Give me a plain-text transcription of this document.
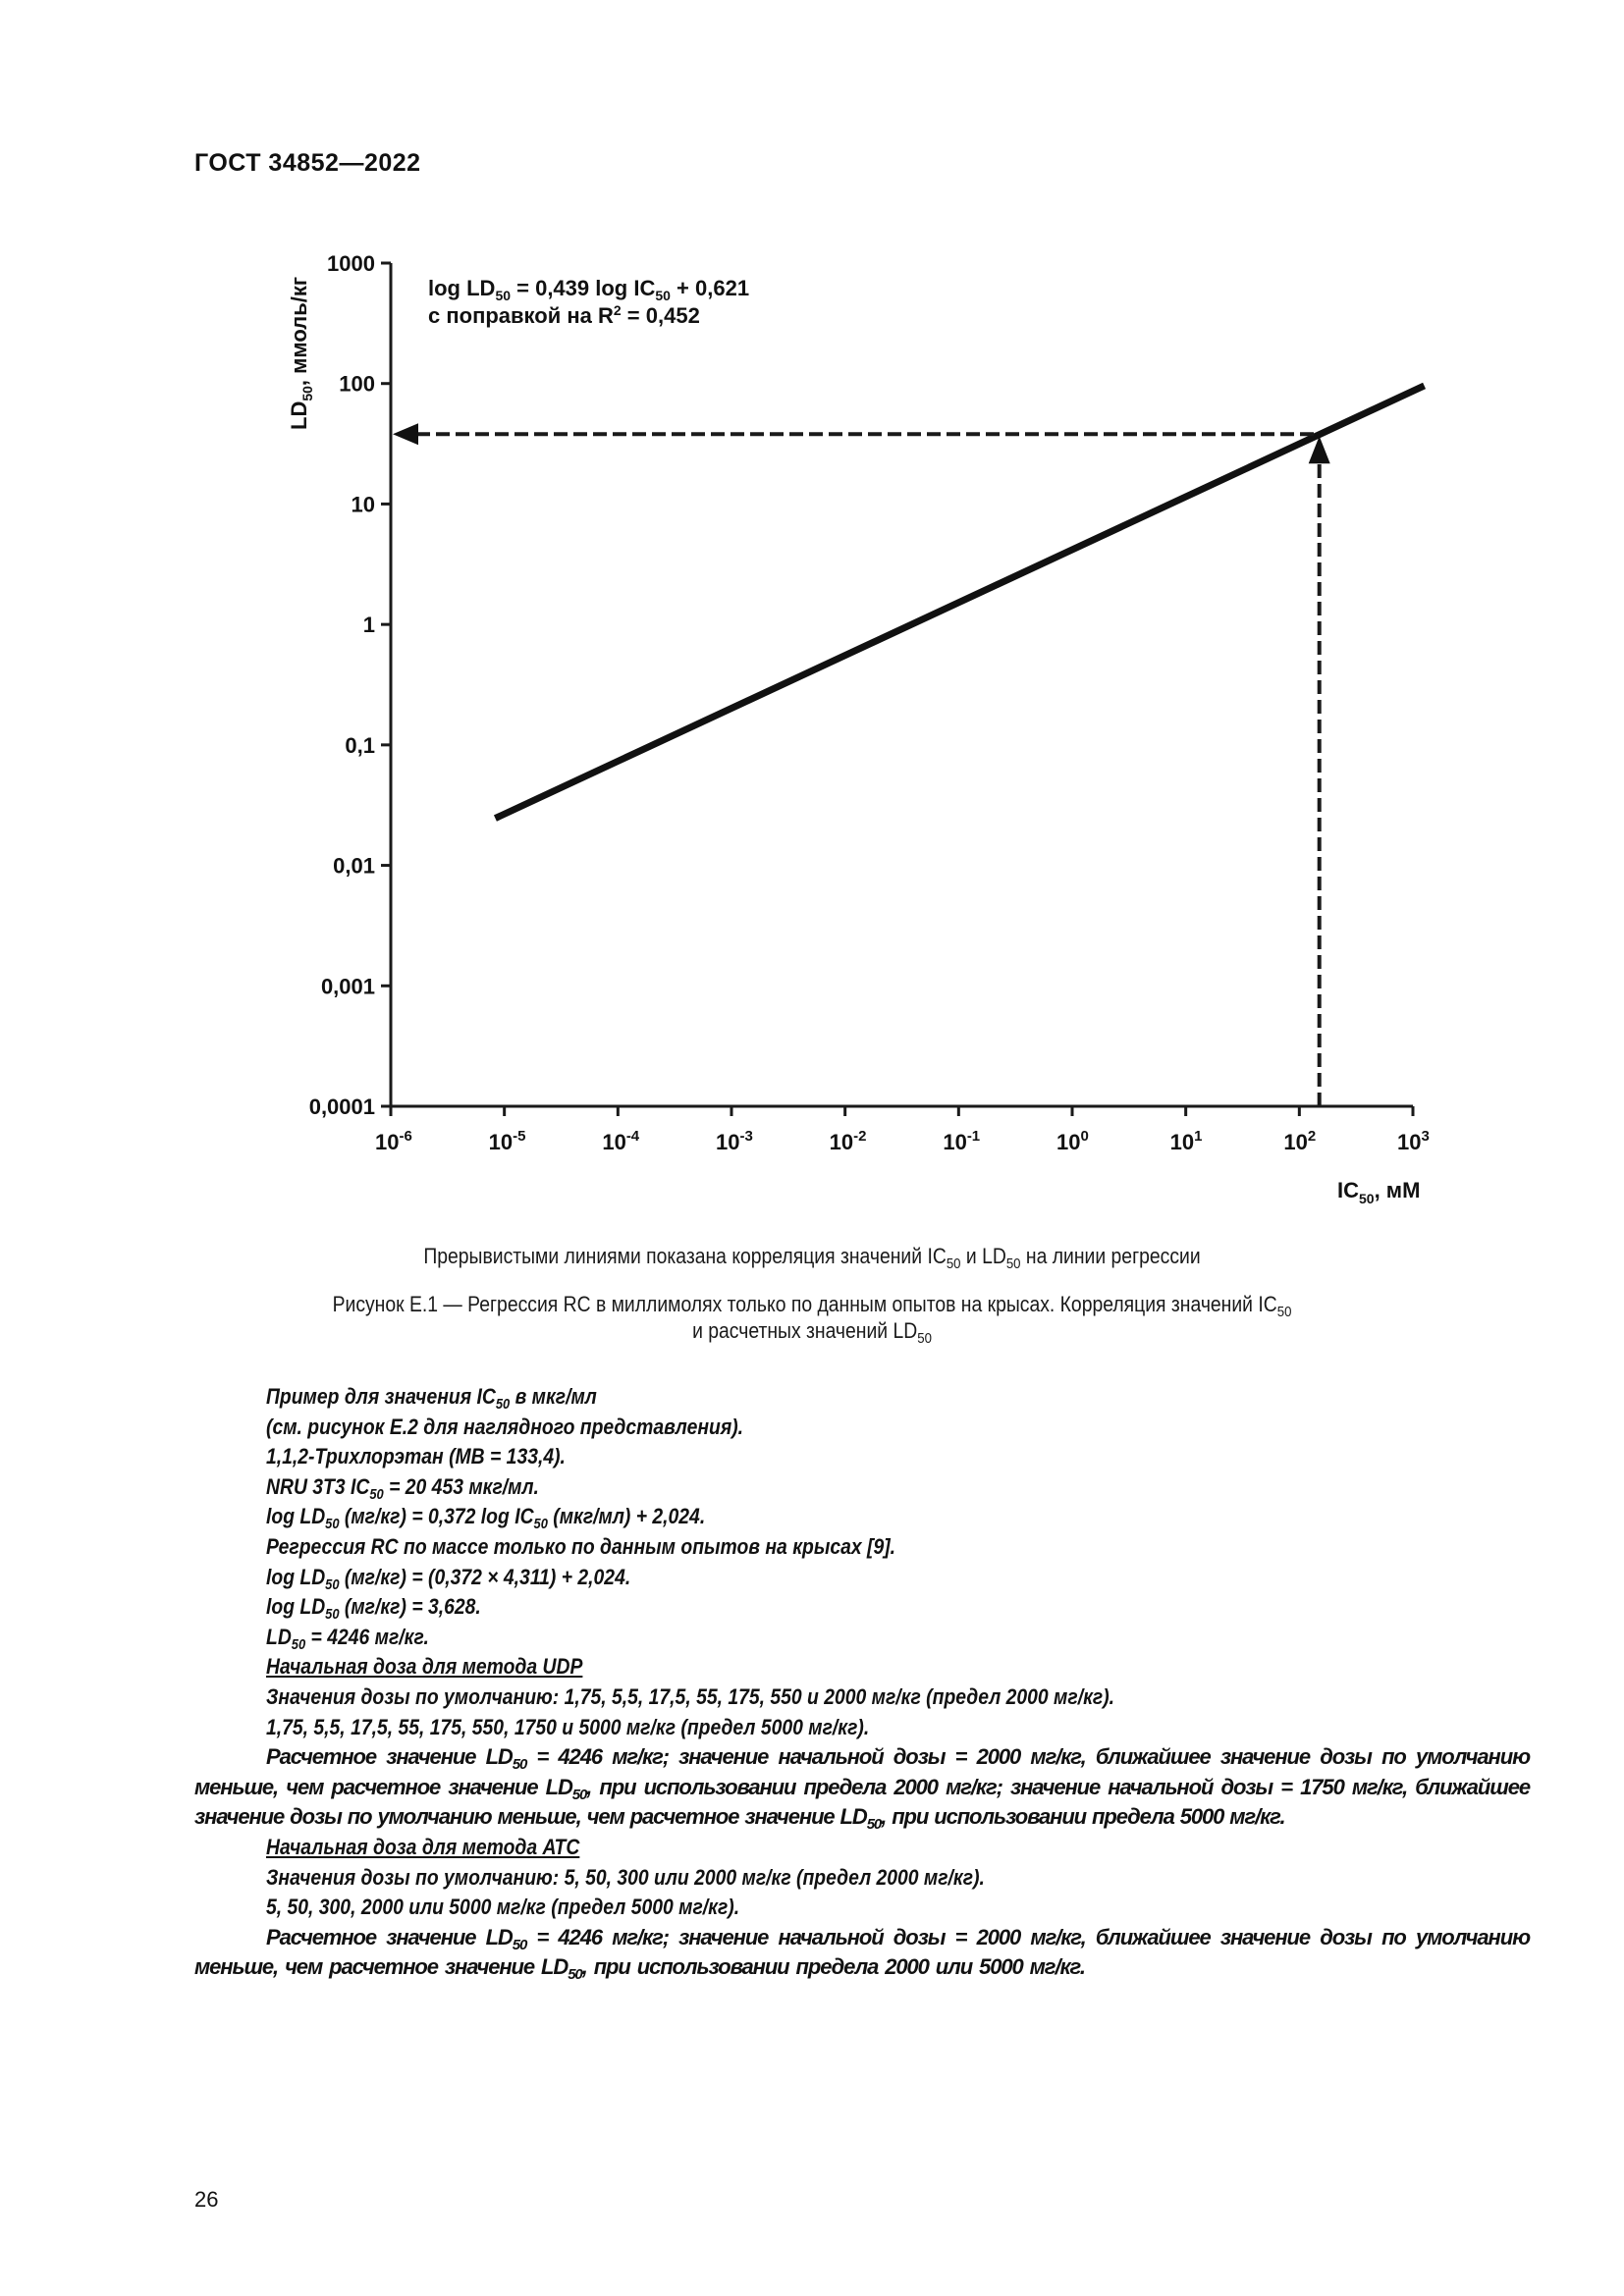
ГОСТ 34852—2022
0,0001
0,001
0,01
0,1
1
10
100
1000
$10^{-6}$	$10^{-5}$	$10^{-4}$	$10^{-3}$	$10^{-2}$	$10^{-1}$	$10^0$	$10^1$	$10^2$	$10^3$
$LD_{50}$, ммоль/кг
$IC_{50}$, мМ
$\log LD_{50} = 0,439$ $\log IC_{50} + 0,621$
с поправкой на $R^2 = 0,452$
Прерывистыми линиями показана корреляция значений $IC_{50}$ и $LD_{50}$ на линии регрессии
Рисунок Е.1 — Регрессия RC в миллимолях только по данным опытов на крысах. Корреляция значений $IC_{50}$
и расчетных значений $LD_{50}$

Пример для значения $IC_{50}$ в мкг/мл

(см. рисунок Е.2 для наглядного представления).

1,1,2-Трихлорэтан (МВ = 133,4).

NRU 3T3 $IC_{50} = 20$ 453 мкг/мл.

$\log LD_{50}$ (мг/кг) = 0,372 $\log IC_{50}$ (мкг/мл) + 2,024.

Регрессия RC по массе только по данным опытов на крысах [9].

$\log LD_{50}$ (мг/кг) = (0,372 × 4,311) + 2,024.

$\log LD_{50}$ (мг/кг) = 3,628.

$LD_{50} = 4246$ мг/кг.

Начальная доза для метода UDP

Значения дозы по умолчанию: 1,75, 5,5, 17,5, 55, 175, 550 и 2000 мг/кг (предел 2000 мг/кг).

1,75, 5,5, 17,5, 55, 175, 550, 1750 и 5000 мг/кг (предел 5000 мг/кг).

Расчетное значение $LD_{50} = 4246$ мг/кг; значение начальной дозы = 2000 мг/кг, ближайшее значение дозы по умолчанию меньше, чем расчетное значение $LD_{50}$, при использовании предела 2000 мг/кг; значение начальной дозы = 1750 мг/кг, ближайшее значение дозы по умолчанию меньше, чем расчетное значение $LD_{50}$, при использовании предела 5000 мг/кг.

Начальная доза для метода АТС

Значения дозы по умолчанию: 5, 50, 300 или 2000 мг/кг (предел 2000 мг/кг).

5, 50, 300, 2000 или 5000 мг/кг (предел 5000 мг/кг).

Расчетное значение $LD_{50} = 4246$ мг/кг; значение начальной дозы = 2000 мг/кг, ближайшее значение дозы по умолчанию меньше, чем расчетное значение $LD_{50}$, при использовании предела 2000 или 5000 мг/кг.

26
